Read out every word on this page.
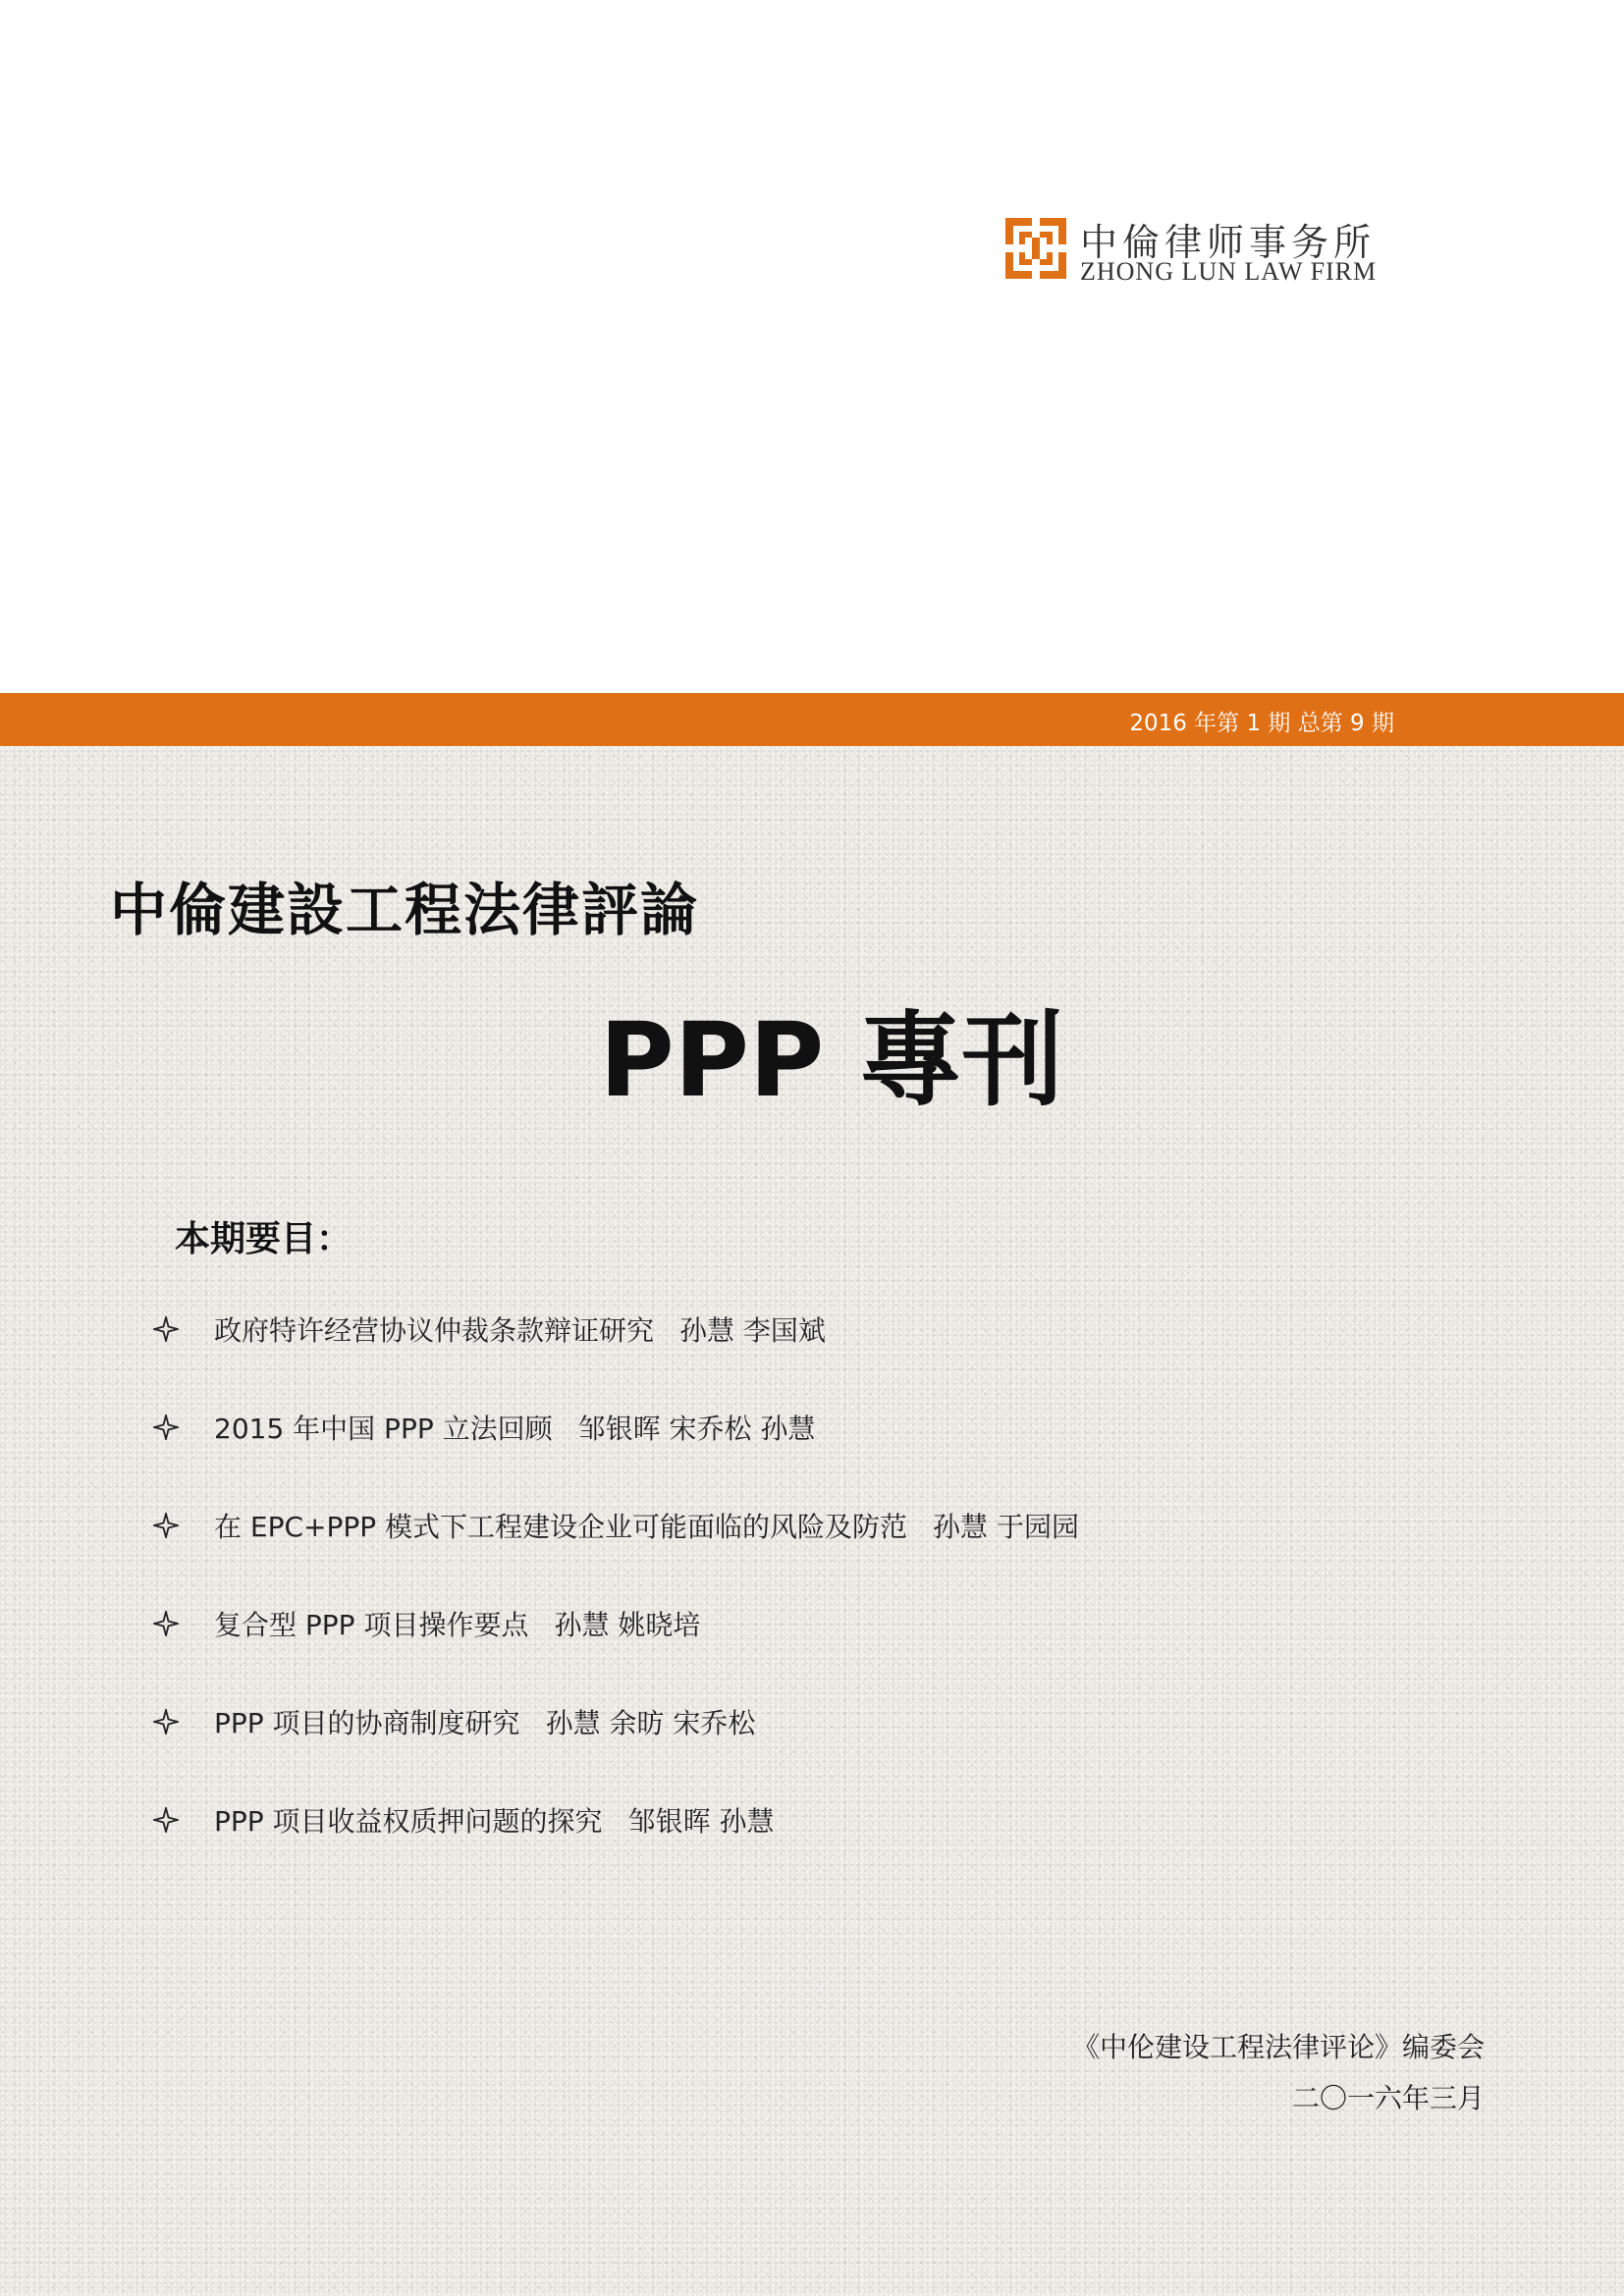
中倫律师事务所
ZHONG LUN LAW FIRM
2016 年第 1 期 总第 9 期
中倫建設工程法律評論
PPP 專刊
本期要目：
政府特许经营协议仲裁条款辩证研究 孙慧 李国斌
2015 年中国 PPP 立法回顾 邹银晖 宋乔松 孙慧
在 EPC+PPP 模式下工程建设企业可能面临的风险及防范 孙慧 于园园
复合型 PPP 项目操作要点 孙慧 姚晓培
PPP 项目的协商制度研究 孙慧 余昉 宋乔松
PPP 项目收益权质押问题的探究 邹银晖 孙慧
《中伦建设工程法律评论》编委会
二〇一六年三月
